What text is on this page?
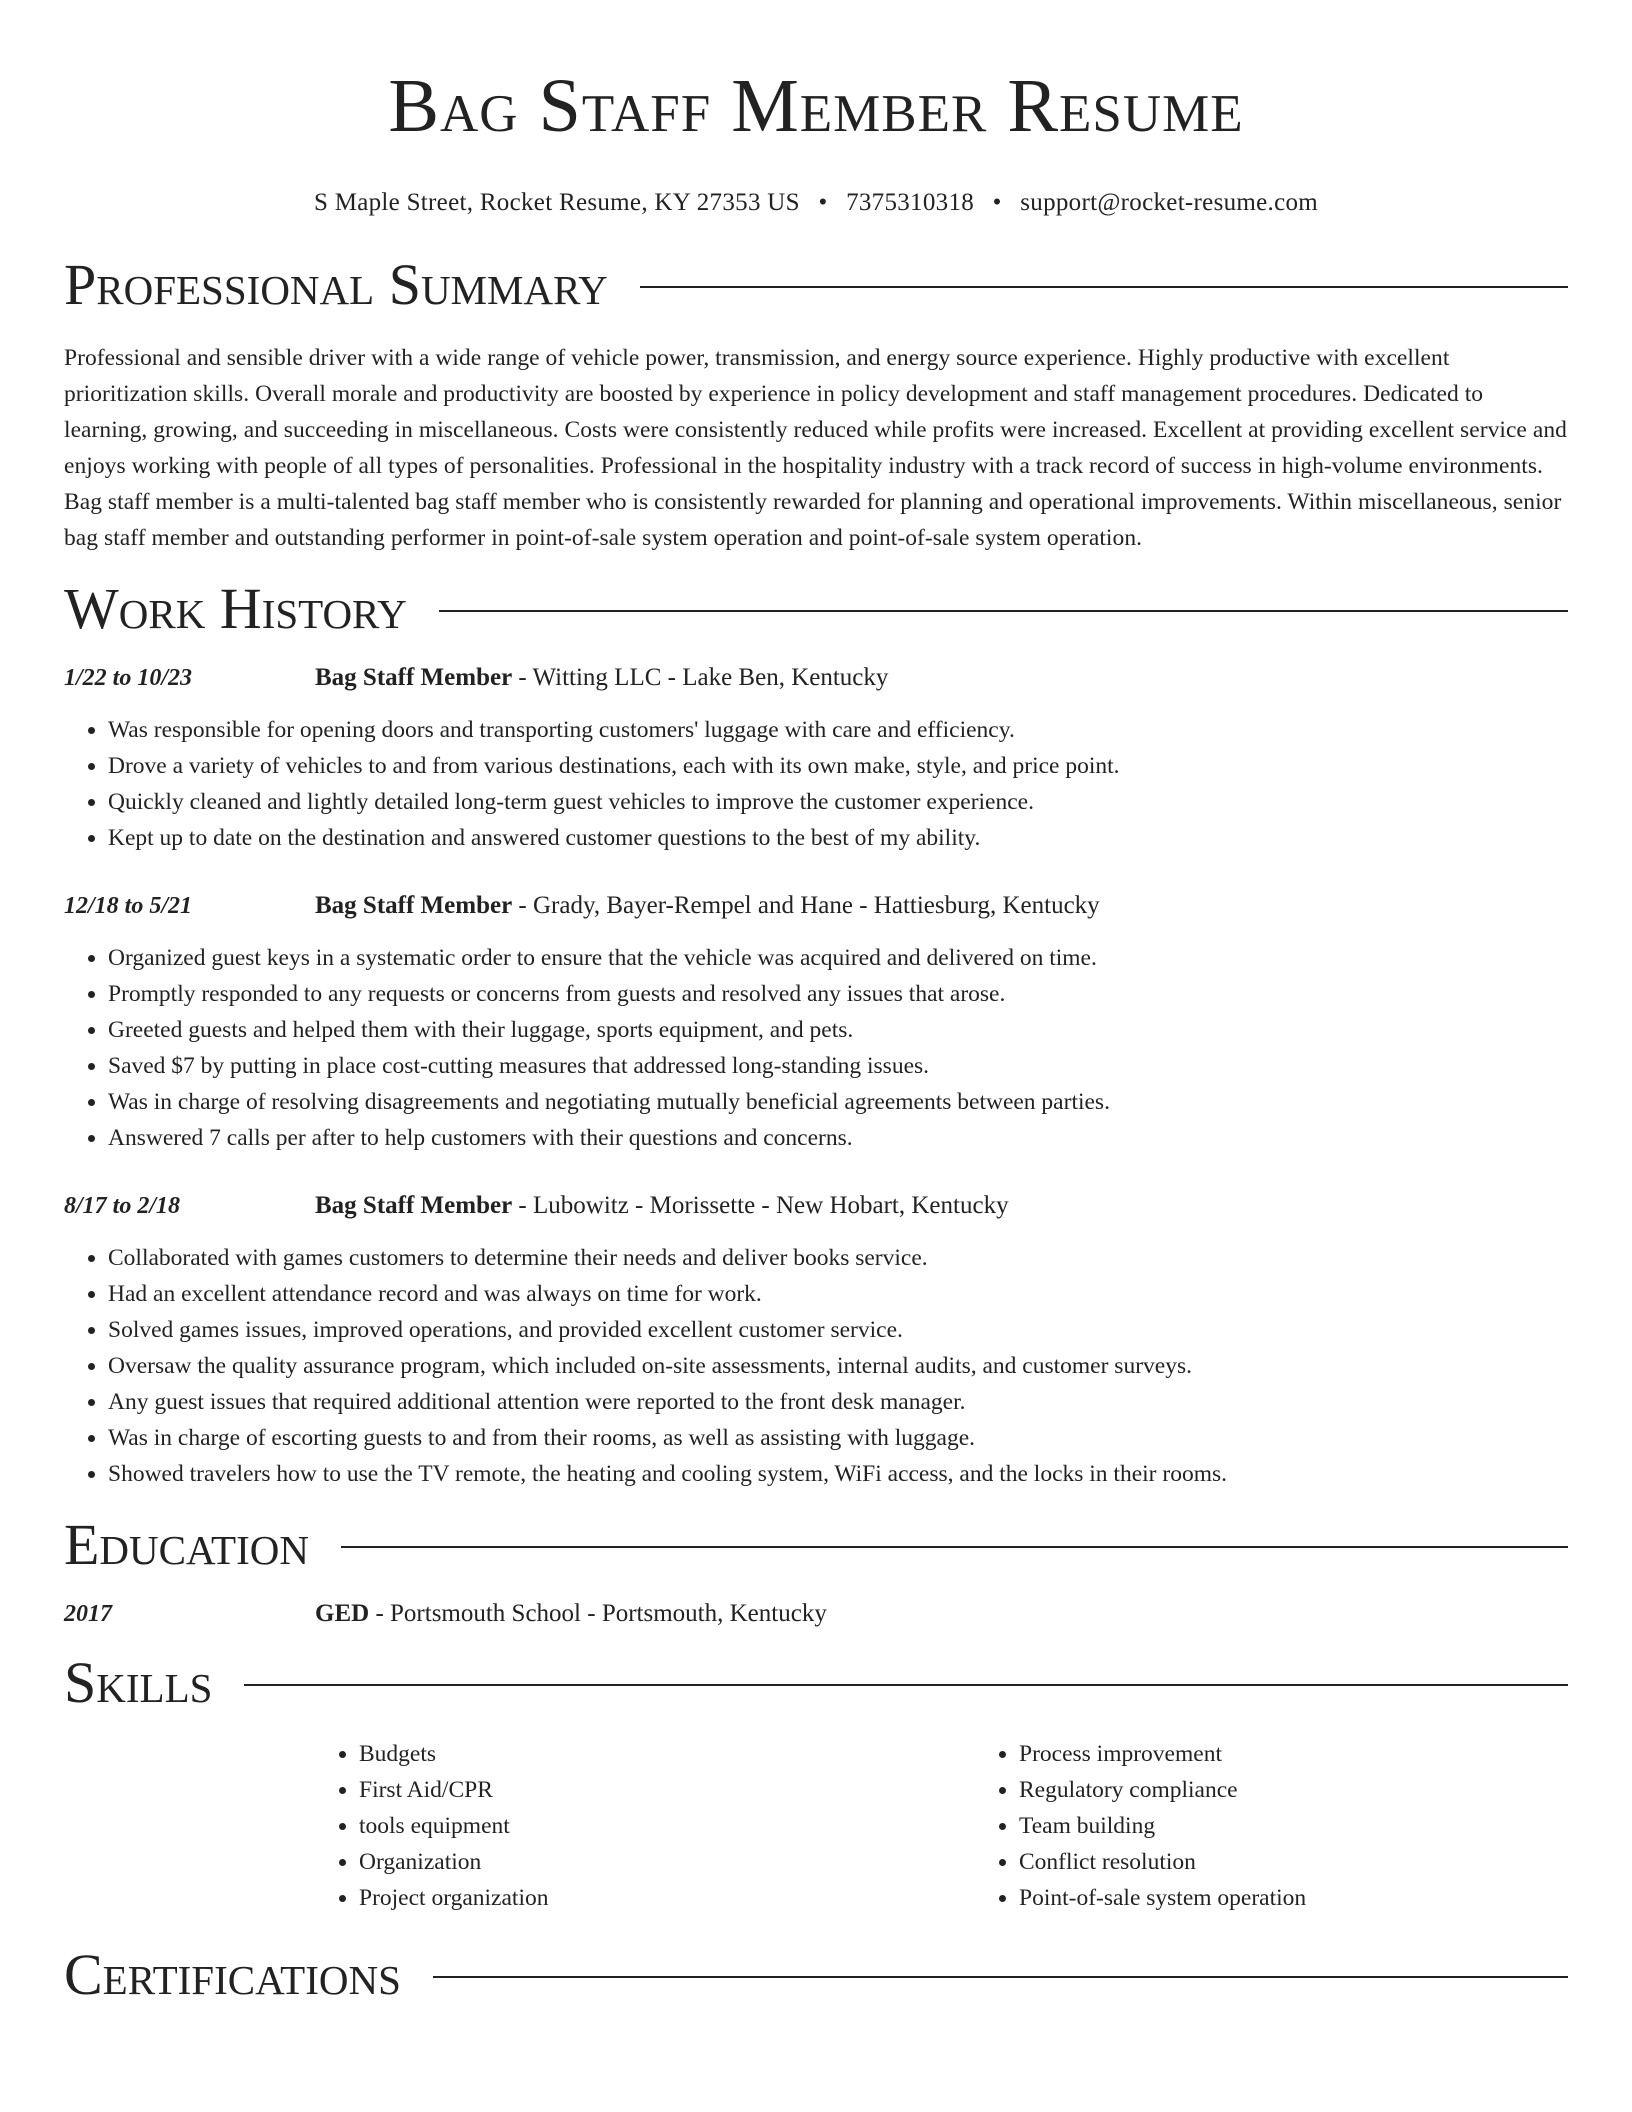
Bag Staff Member Resume
S Maple Street, Rocket Resume, KY 27353 US • 7375310318 • support@rocket-resume.com
Professional Summary

Professional and sensible driver with a wide range of vehicle power, transmission, and energy source experience. Highly productive with excellent prioritization skills. Overall morale and productivity are boosted by experience in policy development and staff management procedures. Dedicated to learning, growing, and succeeding in miscellaneous. Costs were consistently reduced while profits were increased. Excellent at providing excellent service and enjoys working with people of all types of personalities. Professional in the hospitality industry with a track record of success in high-volume environments. Bag staff member is a multi-talented bag staff member who is consistently rewarded for planning and operational improvements. Within miscellaneous, senior bag staff member and outstanding performer in point-of-sale system operation and point-of-sale system operation.

Work History
1/22 to 10/23	Bag Staff Member - Witting LLC - Lake Ben, Kentucky
• Was responsible for opening doors and transporting customers' luggage with care and efficiency.
• Drove a variety of vehicles to and from various destinations, each with its own make, style, and price point.
• Quickly cleaned and lightly detailed long-term guest vehicles to improve the customer experience.
• Kept up to date on the destination and answered customer questions to the best of my ability.
12/18 to 5/21	Bag Staff Member - Grady, Bayer-Rempel and Hane - Hattiesburg, Kentucky
• Organized guest keys in a systematic order to ensure that the vehicle was acquired and delivered on time.
• Promptly responded to any requests or concerns from guests and resolved any issues that arose.
• Greeted guests and helped them with their luggage, sports equipment, and pets.
• Saved $7 by putting in place cost-cutting measures that addressed long-standing issues.
• Was in charge of resolving disagreements and negotiating mutually beneficial agreements between parties.
• Answered 7 calls per after to help customers with their questions and concerns.
8/17 to 2/18	Bag Staff Member - Lubowitz - Morissette - New Hobart, Kentucky
• Collaborated with games customers to determine their needs and deliver books service.
• Had an excellent attendance record and was always on time for work.
• Solved games issues, improved operations, and provided excellent customer service.
• Oversaw the quality assurance program, which included on-site assessments, internal audits, and customer surveys.
• Any guest issues that required additional attention were reported to the front desk manager.
• Was in charge of escorting guests to and from their rooms, as well as assisting with luggage.
• Showed travelers how to use the TV remote, the heating and cooling system, WiFi access, and the locks in their rooms.
Education
2017	GED - Portsmouth School - Portsmouth, Kentucky
Skills
• Budgets
• First Aid/CPR
• tools equipment
• Organization
• Project organization
• Process improvement
• Regulatory compliance
• Team building
• Conflict resolution
• Point-of-sale system operation
Certifications
